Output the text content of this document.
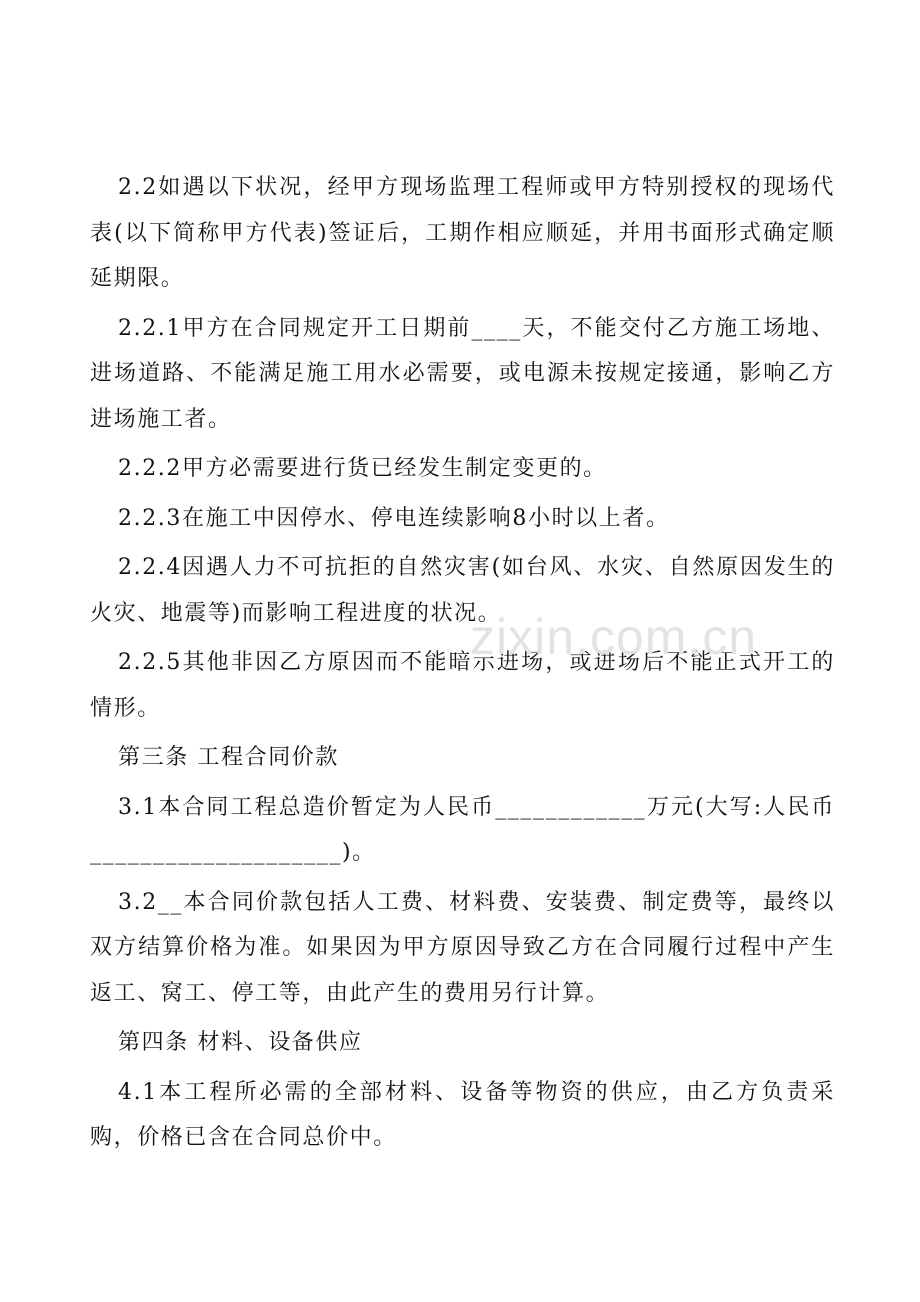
2.2如遇以下状况，经甲方现场监理工程师或甲方特别授权的现场代表(以下简称甲方代表)签证后，工期作相应顺延，并用书面形式确定顺延期限。

2.2.1甲方在合同规定开工日期前____天，不能交付乙方施工场地、进场道路、不能满足施工用水必需要，或电源未按规定接通，影响乙方进场施工者。

2.2.2甲方必需要进行货已经发生制定变更的。

2.2.3在施工中因停水、停电连续影响8小时以上者。

2.2.4因遇人力不可抗拒的自然灾害(如台风、水灾、自然原因发生的火灾、地震等)而影响工程进度的状况。

2.2.5其他非因乙方原因而不能暗示进场，或进场后不能正式开工的情形。

第三条 工程合同价款

3.1本合同工程总造价暂定为人民币____________万元(大写:人民币____________________)。

3.2__本合同价款包括人工费、材料费、安装费、制定费等，最终以双方结算价格为准。如果因为甲方原因导致乙方在合同履行过程中产生返工、窝工、停工等，由此产生的费用另行计算。

第四条 材料、设备供应

4.1本工程所必需的全部材料、设备等物资的供应，由乙方负责采购，价格已含在合同总价中。

zixin.com.cn
